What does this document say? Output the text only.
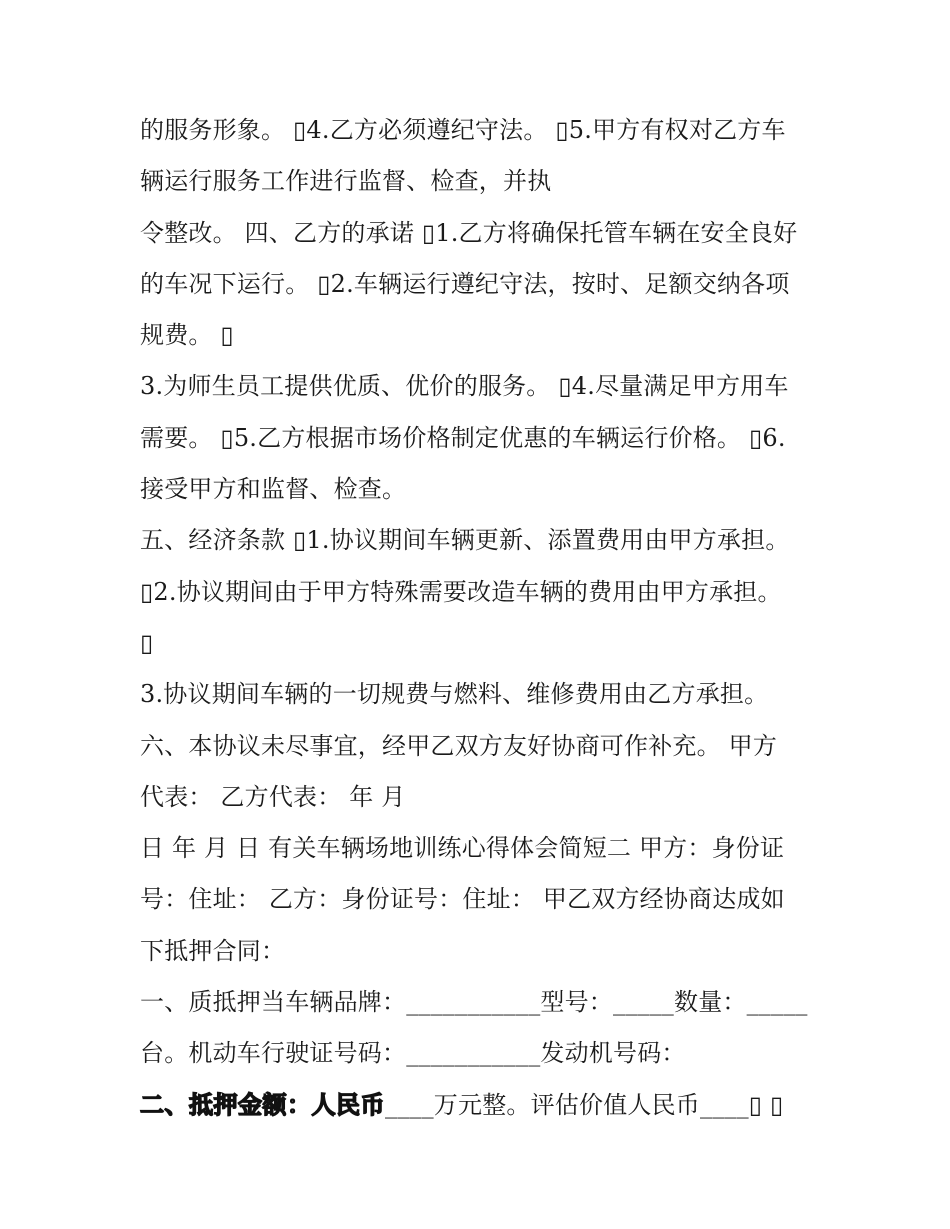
的服务形象。 ▯4.乙方必须遵纪守法。 ▯5.甲方有权对乙方车
辆运行服务工作进行监督、检查，并执
令整改。 四、乙方的承诺 ▯1.乙方将确保托管车辆在安全良好
的车况下运行。 ▯2.车辆运行遵纪守法，按时、足额交纳各项
规费。 ▯
3.为师生员工提供优质、优价的服务。 ▯4.尽量满足甲方用车
需要。 ▯5.乙方根据市场价格制定优惠的车辆运行价格。 ▯6.
接受甲方和监督、检查。
五、经济条款 ▯1.协议期间车辆更新、添置费用由甲方承担。
▯2.协议期间由于甲方特殊需要改造车辆的费用由甲方承担。
▯
3.协议期间车辆的一切规费与燃料、维修费用由乙方承担。
六、本协议未尽事宜，经甲乙双方友好协商可作补充。 甲方
代表： 乙方代表： 年 月
日 年 月 日 有关车辆场地训练心得体会简短二 甲方：身份证
号：住址： 乙方：身份证号：住址： 甲乙双方经协商达成如
下抵押合同：
一、质抵押当车辆品牌：___________型号：_____数量：_____
台。机动车行驶证号码：___________发动机号码：
二、抵押金额：人民币____万元整。评估价值人民币____▯ ▯
